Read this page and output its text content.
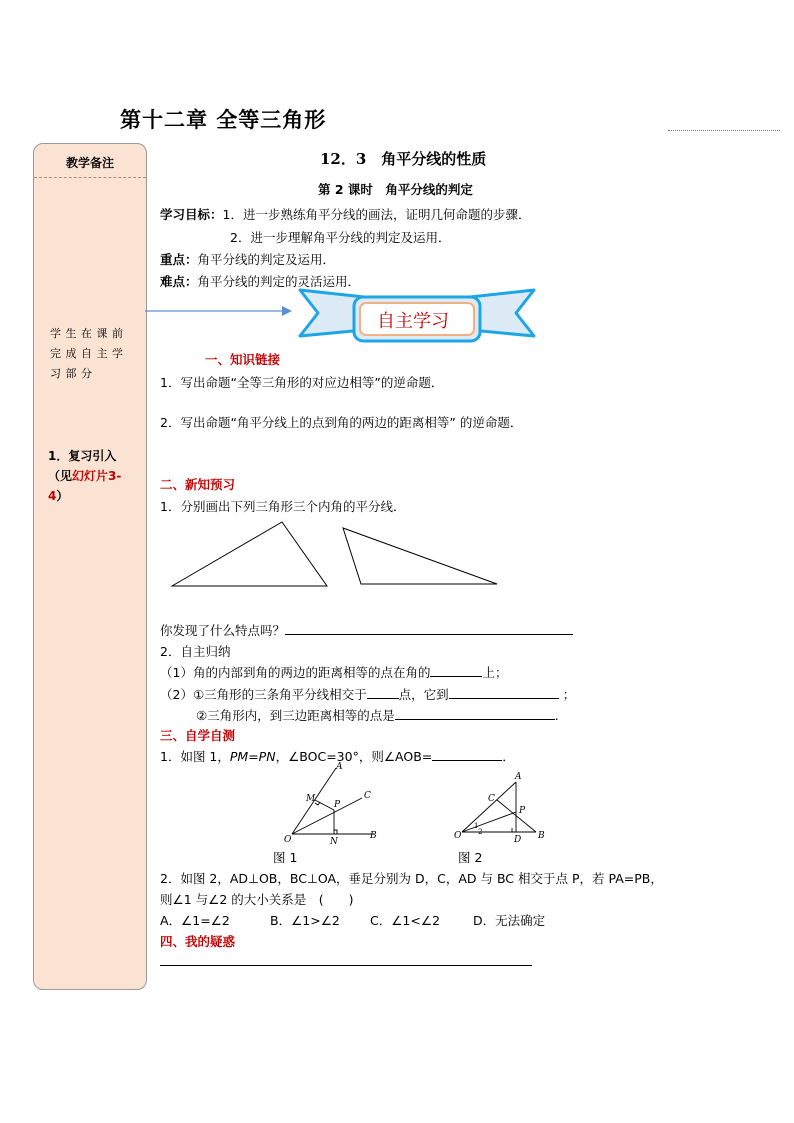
第十二章 全等三角形
教学备注
学生在课前完成自主学习部分
1．复习引入（见幻灯片3-4）
自主学习
12．3　角平分线的性质
第 2 课时　角平分线的判定
学习目标：1．进一步熟练角平分线的画法，证明几何命题的步骤．
2．进一步理解角平分线的判定及运用．
重点：角平分线的判定及运用．
难点：角平分线的判定的灵活运用．
一、知识链接
1．写出命题“全等三角形的对应边相等”的逆命题．
2．写出命题“角平分线上的点到角的两边的距离相等” 的逆命题．
二、新知预习
1．分别画出下列三角形三个内角的平分线．
你发现了什么特点吗？
2．自主归纳
（1）角的内部到角的两边的距离相等的点在角的	上；
（2）①三角形的三条角平分线相交于	点，它到	；
②三角形内，到三边距离相等的点是	.
三、自学自测
1．如图 1，PM=PN，∠BOC=30°，则∠AOB=	．
A
M
P
C
O	N
B
图 1
A
C
P
O
1
2
D B
图 2
2．如图 2，AD⊥OB，BC⊥OA，垂足分别为 D，C，AD 与 BC 相交于点 P，若 PA=PB，
则∠1 与∠2 的大小关系是　(　　)
A．∠1=∠2	B．∠1>∠2 C．∠1<∠2	D．无法确定
四、我的疑惑
